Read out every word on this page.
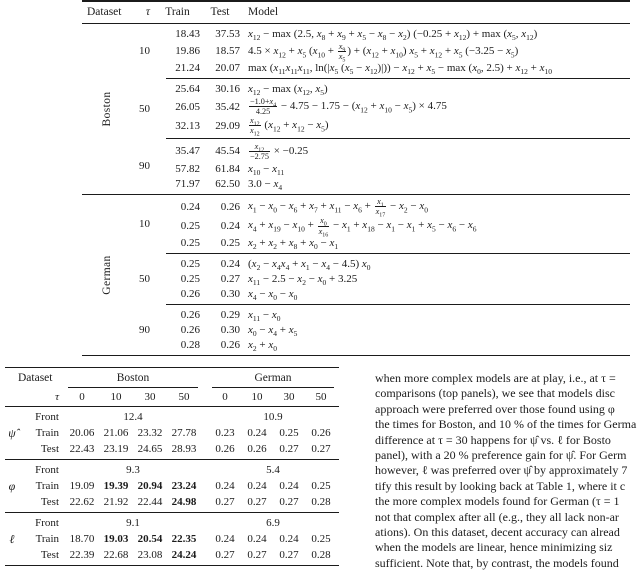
Dataset	τ	Train	Test	Model
Boston
10
18.43	37.53 $x_{12} - \max (2.5$, $x_8 + x_9 + x_5 - x_8 - x_2$) $(-0.25 + x_{12}) + \max (x_5$, $x_{12}$)
19.86	18.57 $4.5 \times x_{12} + x_5$ ($x_{10} + \frac{x_9}{x_5}$ ) + $(x_{12} + x_{10}) x_5 + x_{12} + x_5$ $(-3.25 - x_5)$
21.24	20.07 $\max (x_{11}x_{11}x_{11}$, $\ln(|x_5$ $(x_5 - x_{12})|)) - x_{12} + x_5 - \max (x_0$, $2.5) + x_{12} + x_{10}$
50
25.64	30.16 $x_{12} - \max (x_{12}$, $x_5$)
26.05	$35.42 \frac{-1.0+x_4}{4.25} - 4.75 - 1.75 - (x_{12} + x_{10} - x_5) \times 4.75$
32.13	$29.09 \frac{x_{12}}{x_{12}} (x_{12} + x_{12} - x_5)$
90
35.47	$45.54 \frac{x_{12}}{-2.75} \times -0.25$
57.82	61.84 $x_{10} - x_{11}$
71.97	62.50 $3.0 - x_4$
German
10
0.24	0.26 $x_1 - x_0 - x_6 + x_7 + x_{11} - x_6 + \frac{x_1}{x_{17}} - x_2 - x_0$
0.25	0.24 $x_4 + x_{19} - x_{10} + \frac{x_0}{x_{16}} - x_1 + x_{18} - x_1 - x_1 + x_5 - x_6 - x_6$
0.25	0.25 $x_2 + x_2 + x_8 + x_0 - x_1$
50
0.25	0.24 $(x_2 - x_4x_4 + x_1 - x_4 - 4.5)$ $x_0$
0.25	0.27 $x_{11} - 2.5 - x_2 - x_0 + 3.25$
0.26	0.30 $x_4 - x_0 - x_0$
90
0.26	0.29 $x_{11} - x_0$
0.26	0.30 $x_0 - x_4 + x_5$
0.28	0.26 $x_2 + x_0$
Dataset	Boston	German
τ	0	10	30	50	0	10	30	50
Front	12.4	10.9
ψ̂	Train 20.06 21.06 23.32 27.78	0.23	0.24	0.25	0.26
Test 22.43 23.19 24.65 28.93	0.26	0.26	0.27	0.27
Front	9.3	5.4
φ	Train 19.09 19.39 20.94 23.24	0.24	0.24	0.24	0.25
Test 22.62 21.92 22.44 24.98	0.27	0.27	0.27	0.28
Front	9.1	6.9
ℓ	Train 18.70 19.03 20.54 22.35	0.24	0.24	0.24	0.25
Test 22.39 22.68 23.08 24.24	0.27	0.27	0.27	0.28
when more complex models are at play, i.e., at τ =
comparisons (top panels), we see that models disc
approach were preferred over those found using φ
the times for Boston, and 10 % of the times for Germa
difference at τ = 30 happens for ψ̂ vs. ℓ for Bosto
panel), with a 20 % preference gain for ψ̂. For Germ
however, ℓ was preferred over ψ̂ by approximately 7
tify this result by looking back at Table 1, where it c
the more complex models found for German (τ = 1
not that complex after all (e.g., they all lack non-ar
ations). On this dataset, decent accuracy can alread
when the models are linear, hence minimizing siz
sufficient. Note that, by contrast, the models found
